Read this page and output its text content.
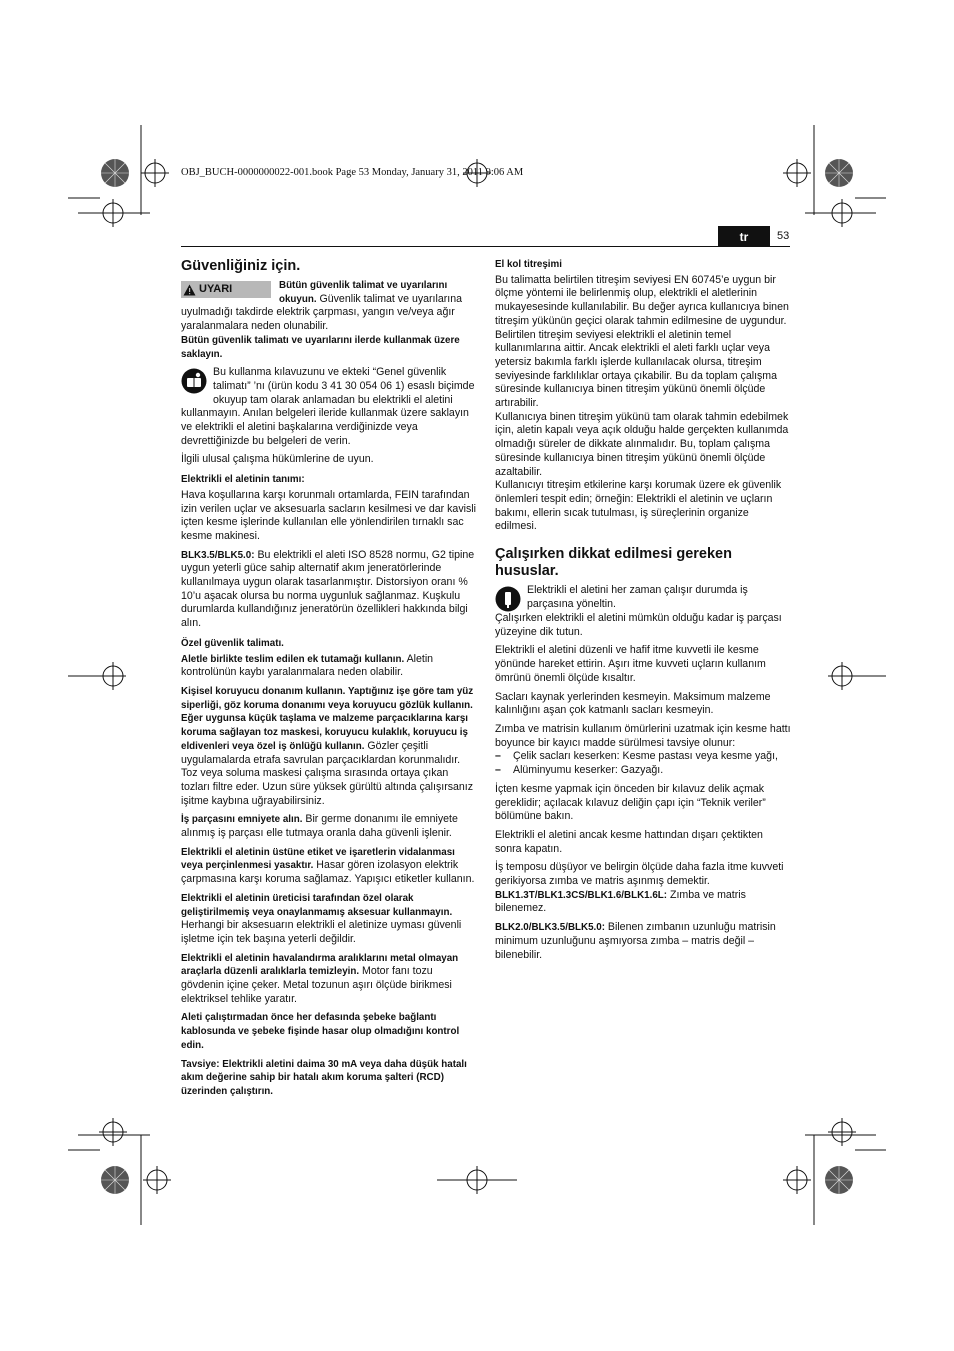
OBJ_BUCH-0000000022-001.book Page 53 Monday, January 31, 2011 9:06 AM
tr	53
Güvenliğiniz için.
UYARI	Bütün güvenlik talimat ve uyarılarını okuyun. Güvenlik talimat ve uyarılarına uyulmadığı takdirde elektrik çarpması, yangın ve/veya ağır yaralanmalara neden olunabilir.

Bütün güvenlik talimatı ve uyarılarını ilerde kullanmak üzere saklayın.

Bu kullanma kılavuzunu ve ekteki “Genel güvenlik talimatı” ’nı (ürün kodu 3 41 30 054 06 1) esaslı biçimde okuyup tam olarak anlamadan bu elektrikli el aletini kullanmayın. Anılan belgeleri ileride kullanmak üzere saklayın ve elektrikli el aletini başkalarına verdiğinizde veya devrettiğinizde bu belgeleri de verin.

İlgili ulusal çalışma hükümlerine de uyun.

Elektrikli el aletinin tanımı:

Hava koşullarına karşı korunmalı ortamlarda, FEIN tarafından izin verilen uçlar ve aksesuarla sacların kesilmesi ve dar kavisli içten kesme işlerinde kullanılan elle yönlendirilen tırnaklı sac kesme makinesi.

BLK3.5/BLK5.0: Bu elektrikli el aleti ISO 8528 normu, G2 tipine uygun yeterli güce sahip alternatif akım jeneratörlerinde kullanılmaya uygun olarak tasarlanmıştır. Distorsiyon oranı % 10’u aşacak olursa bu norma uygunluk sağlanmaz. Kuşkulu durumlarda kullandığınız jeneratörün özellikleri hakkında bilgi alın.

Özel güvenlik talimatı.

Aletle birlikte teslim edilen ek tutamağı kullanın. Aletin kontrolünün kaybı yaralanmalara neden olabilir.

Kişisel koruyucu donanım kullanın. Yaptığınız işe göre tam yüz siperliği, göz koruma donanımı veya koruyucu gözlük kullanın. Eğer uygunsa küçük taşlama ve malzeme parçacıklarına karşı koruma sağlayan toz maskesi, koruyucu kulaklık, koruyucu iş eldivenleri veya özel iş önlüğü kullanın. Gözler çeşitli uygulamalarda etrafa savrulan parçacıklardan korunmalıdır. Toz veya soluma maskesi çalışma sırasında ortaya çıkan tozları filtre eder. Uzun süre yüksek gürültü altında çalışırsanız işitme kaybına uğrayabilirsiniz.

İş parçasını emniyete alın. Bir germe donanımı ile emniyete alınmış iş parçası elle tutmaya oranla daha güvenli işlenir.

Elektrikli el aletinin üstüne etiket ve işaretlerin vidalanması veya perçinlenmesi yasaktır. Hasar gören izolasyon elektrik çarpmasına karşı koruma sağlamaz. Yapışıcı etiketler kullanın.

Elektrikli el aletinin üreticisi tarafından özel olarak geliştirilmemiş veya onaylanmamış aksesuar kullanmayın. Herhangi bir aksesuarın elektrikli el aletinize uyması güvenli işletme için tek başına yeterli değildir.

Elektrikli el aletinin havalandırma aralıklarını metal olmayan araçlarla düzenli aralıklarla temizleyin. Motor fanı tozu gövdenin içine çeker. Metal tozunun aşırı ölçüde birikmesi elektriksel tehlike yaratır.

Aleti çalıştırmadan önce her defasında şebeke bağlantı kablosunda ve şebeke fişinde hasar olup olmadığını kontrol edin.

Tavsiye: Elektrikli aletini daima 30 mA veya daha düşük hatalı akım değerine sahip bir hatalı akım koruma şalteri (RCD) üzerinden çalıştırın.

El kol titreşimi

Bu talimatta belirtilen titreşim seviyesi EN 60745’e uygun bir ölçme yöntemi ile belirlenmiş olup, elektrikli el aletlerinin mukayesesinde kullanılabilir. Bu değer ayrıca kullanıcıya binen titreşim yükünün geçici olarak tahmin edilmesine de uygundur.

Belirtilen titreşim seviyesi elektrikli el aletinin temel kullanımlarına aittir. Ancak elektrikli el aleti farklı uçlar veya yetersiz bakımla farklı işlerde kullanılacak olursa, titreşim seviyesinde farklılıklar ortaya çıkabilir. Bu da toplam çalışma süresinde kullanıcıya binen titreşim yükünü önemli ölçüde artırabilir.

Kullanıcıya binen titreşim yükünü tam olarak tahmin edebilmek için, aletin kapalı veya açık olduğu halde gerçekten kullanımda olmadığı süreler de dikkate alınmalıdır. Bu, toplam çalışma süresinde kullanıcıya binen titreşim yükünü önemli ölçüde azaltabilir.

Kullanıcıyı titreşim etkilerine karşı korumak üzere ek güvenlik önlemleri tespit edin; örneğin: Elektrikli el aletinin ve uçların bakımı, ellerin sıcak tutulması, iş süreçlerinin organize edilmesi.

Çalışırken dikkat edilmesi gereken hususlar.

Elektrikli el aletini her zaman çalışır durumda iş parçasına yöneltin.

Çalışırken elektrikli el aletini mümkün olduğu kadar iş parçası yüzeyine dik tutun.

Elektrikli el aletini düzenli ve hafif itme kuvvetli ile kesme yönünde hareket ettirin. Aşırı itme kuvveti uçların kullanım ömrünü önemli ölçüde kısaltır.

Sacları kaynak yerlerinden kesmeyin. Maksimum malzeme kalınlığını aşan çok katmanlı sacları kesmeyin.

Zımba ve matrisin kullanım ömürlerini uzatmak için kesme hattı boyunce bir kayıcı madde sürülmesi tavsiye olunur:

–	Çelik sacları keserken: Kesme pastası veya kesme yağı,
–	Alüminyumu keserker: Gazyağı.

İçten kesme yapmak için önceden bir kılavuz delik açmak gereklidir; açılacak kılavuz deliğin çapı için “Teknik veriler” bölümüne bakın.

Elektrikli el aletini ancak kesme hattından dışarı çektikten sonra kapatın.

İş temposu düşüyor ve belirgin ölçüde daha fazla itme kuvveti gerikiyorsa zımba ve matris aşınmış demektir.

BLK1.3T/BLK1.3CS/BLK1.6/BLK1.6L: Zımba ve matris bilenemez.

BLK2.0/BLK3.5/BLK5.0: Bilenen zımbanın uzunluğu matrisin minimum uzunluğunu aşmıyorsa zımba – matris değil – bilenebilir.
